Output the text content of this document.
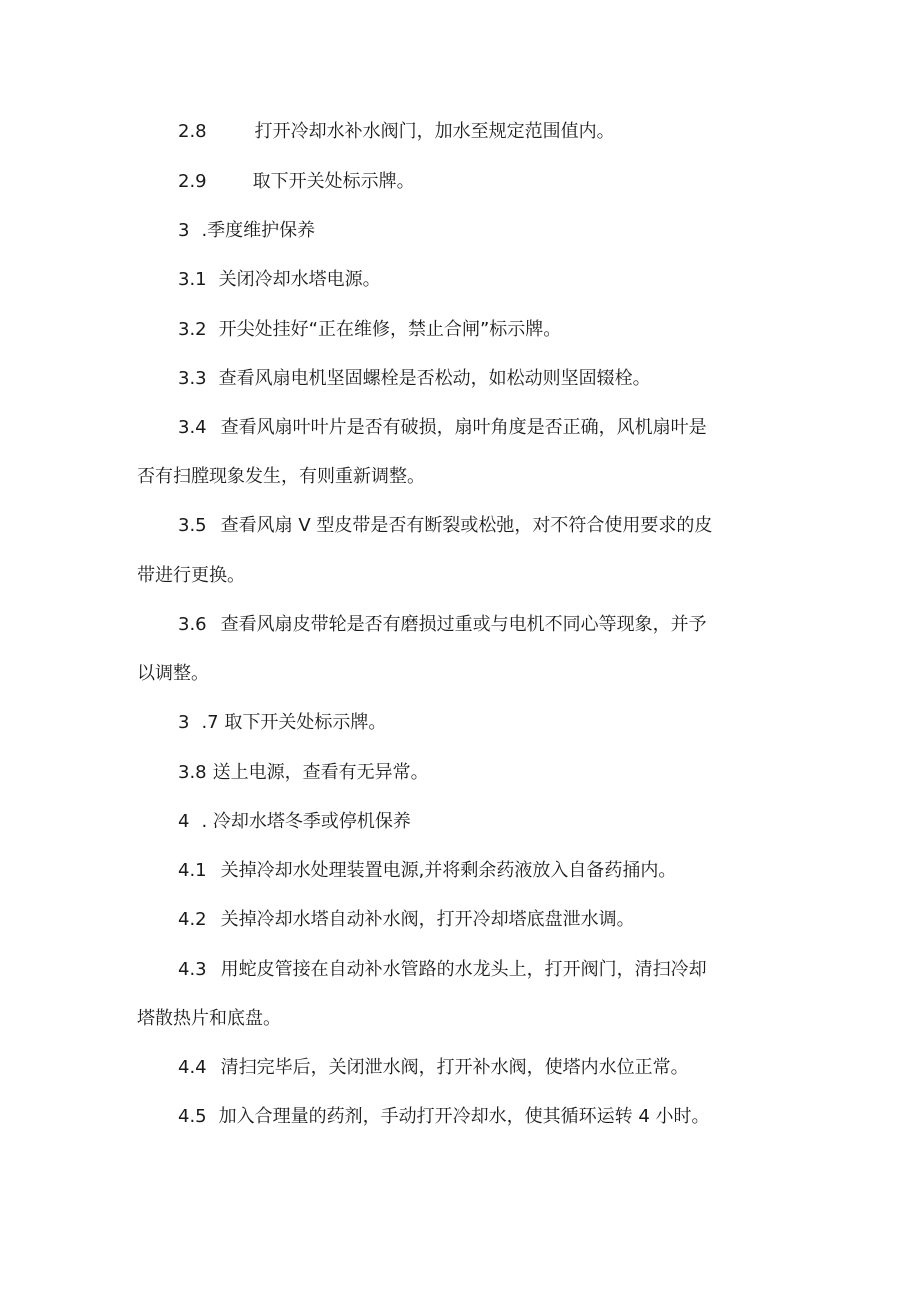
2.8	打开冷却水补水阀门，加水至规定范围值内。
2.9	取下开关处标示牌。
3 .季度维护保养
3.1 关闭冷却水塔电源。
3.2 开尖处挂好“正在维修，禁止合闸”标示牌。
3.3 查看风扇电机坚固螺栓是否松动，如松动则坚固辍栓。
3.4 查看风扇叶叶片是否有破损，扇叶角度是否正确，风机扇叶是
否有扫膛现象发生，有则重新调整。
3.5 查看风扇 V 型皮带是否有断裂或松弛，对不符合使用要求的皮
带进行更换。
3.6 查看风扇皮带轮是否有磨损过重或与电机不同心等现象，并予
以调整。
3 .7 取下开关处标示牌。
3.8 送上电源，查看有无异常。
4 . 冷却水塔冬季或停机保养
4.1 关掉冷却水处理装置电源,并将剩余药液放入自备药捅内。
4.2 关掉冷却水塔自动补水阀，打开冷却塔底盘泄水调。
4.3 用蛇皮管接在自动补水管路的水龙头上，打开阀门，清扫冷却
塔散热片和底盘。
4.4 清扫完毕后，关闭泄水阀，打开补水阀，使塔内水位正常。
4.5 加入合理量的药剂，手动打开冷却水，使其循环运转 4 小时。
